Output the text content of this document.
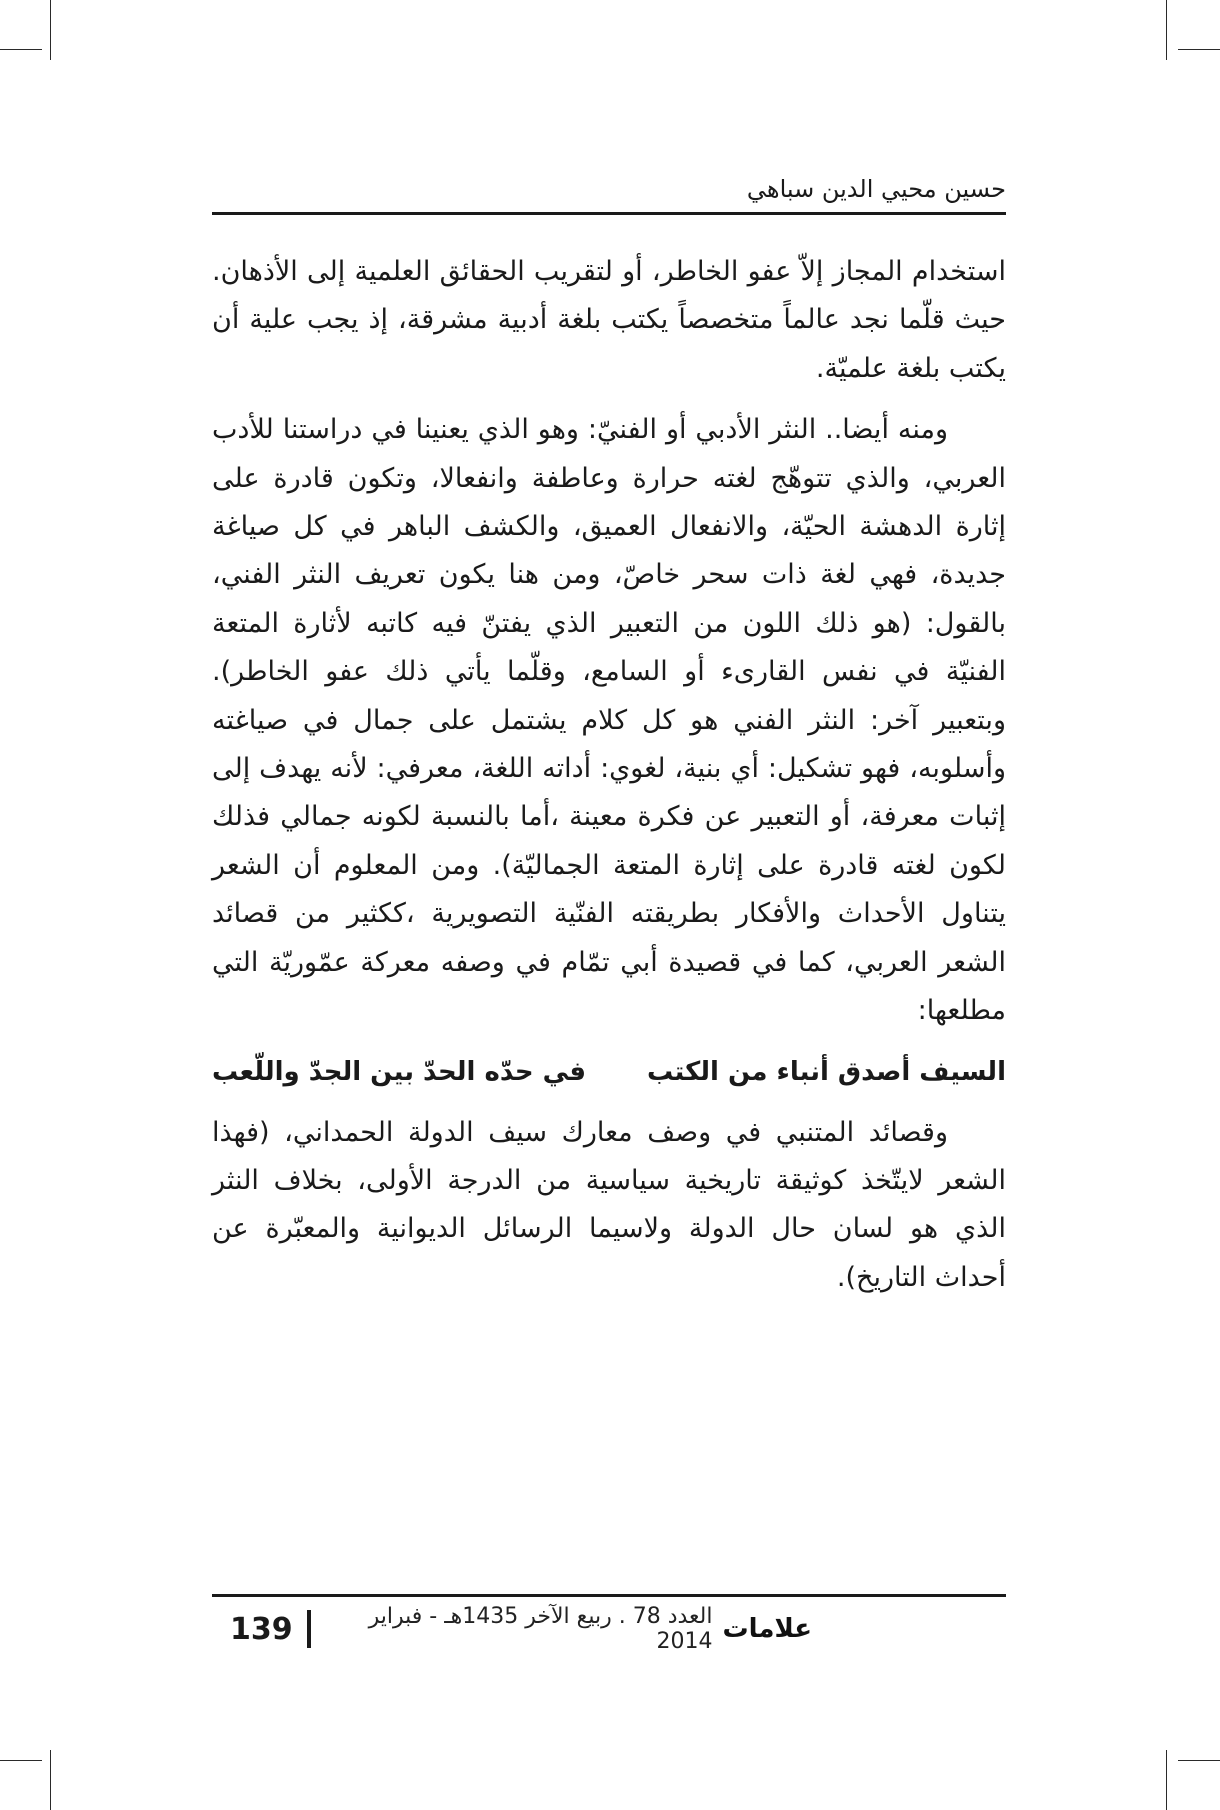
حسين محيي الدين سباهي

استخدام المجاز إلاّ عفو الخاطر، أو لتقريب الحقائق العلمية إلى الأذهان. حيث قلّما نجد عالماً متخصصاً يكتب بلغة أدبية مشرقة، إذ يجب علية أن يكتب بلغة علميّة.

ومنه أيضا.. النثر الأدبي أو الفنيّ: وهو الذي يعنينا في دراستنا للأدب العربي، والذي تتوهّج لغته حرارة وعاطفة وانفعالا، وتكون قادرة على إثارة الدهشة الحيّة، والانفعال العميق، والكشف الباهر في كل صياغة جديدة، فهي لغة ذات سحر خاصّ، ومن هنا يكون تعريف النثر الفني، بالقول: (هو ذلك اللون من التعبير الذي يفتنّ فيه كاتبه لأثارة المتعة الفنيّة في نفس القارىء أو السامع، وقلّما يأتي ذلك عفو الخاطر). وبتعبير آخر: النثر الفني هو كل كلام يشتمل على جمال في صياغته وأسلوبه، فهو تشكيل: أي بنية، لغوي: أداته اللغة، معرفي: لأنه يهدف إلى إثبات معرفة، أو التعبير عن فكرة معينة ،أما بالنسبة لكونه جمالي فذلك لكون لغته قادرة على إثارة المتعة الجماليّة). ومن المعلوم أن الشعر يتناول الأحداث والأفكار بطريقته الفنّية التصويرية ،ككثير من قصائد الشعر العربي، كما في قصيدة أبي تمّام في وصفه معركة عمّوريّة التي مطلعها:

السيف أصدق أنباء من الكتب
في حدّه الحدّ بين الجدّ واللّعب

وقصائد المتنبي في وصف معارك سيف الدولة الحمداني، (فهذا الشعر لايتّخذ كوثيقة تاريخية سياسية من الدرجة الأولى، بخلاف النثر الذي هو لسان حال الدولة ولاسيما الرسائل الديوانية والمعبّرة عن أحداث التاريخ).

139	العدد 78 . ربيع الآخر 1435هـ - فبراير 2014 علامات
